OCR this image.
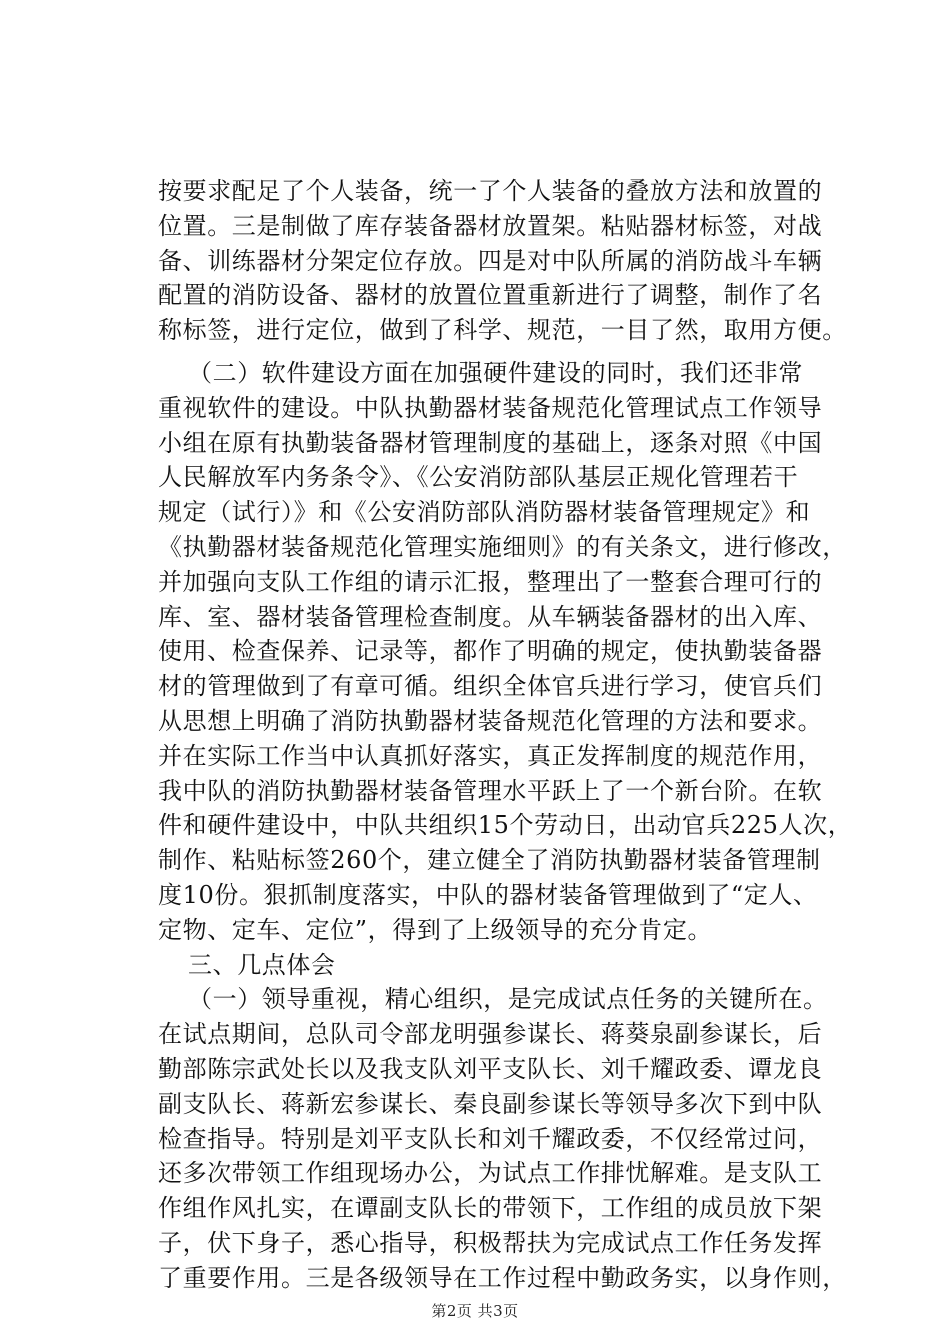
按要求配足了个人装备，统一了个人装备的叠放方法和放置的
位置。三是制做了库存装备器材放置架。粘贴器材标签，对战
备、训练器材分架定位存放。四是对中队所属的消防战斗车辆
配置的消防设备、器材的放置位置重新进行了调整，制作了名
称标签，进行定位，做到了科学、规范，一目了然，取用方便。
（二）软件建设方面在加强硬件建设的同时，我们还非常
重视软件的建设。中队执勤器材装备规范化管理试点工作领导
小组在原有执勤装备器材管理制度的基础上，逐条对照《中国
人民解放军内务条令》、《公安消防部队基层正规化管理若干
规定（试行）》和《公安消防部队消防器材装备管理规定》和
《执勤器材装备规范化管理实施细则》的有关条文，进行修改，
并加强向支队工作组的请示汇报，整理出了一整套合理可行的
库、室、器材装备管理检查制度。从车辆装备器材的出入库、
使用、检查保养、记录等，都作了明确的规定，使执勤装备器
材的管理做到了有章可循。组织全体官兵进行学习，使官兵们
从思想上明确了消防执勤器材装备规范化管理的方法和要求。
并在实际工作当中认真抓好落实，真正发挥制度的规范作用，
我中队的消防执勤器材装备管理水平跃上了一个新台阶。在软
件和硬件建设中，中队共组织15个劳动日，出动官兵225人次，
制作、粘贴标签260个，建立健全了消防执勤器材装备管理制
度10份。狠抓制度落实，中队的器材装备管理做到了“定人、
定物、定车、定位”，得到了上级领导的充分肯定。
三、几点体会
（一）领导重视，精心组织，是完成试点任务的关键所在。
在试点期间，总队司令部龙明强参谋长、蒋葵泉副参谋长，后
勤部陈宗武处长以及我支队刘平支队长、刘千耀政委、谭龙良
副支队长、蒋新宏参谋长、秦良副参谋长等领导多次下到中队
检查指导。特别是刘平支队长和刘千耀政委，不仅经常过问，
还多次带领工作组现场办公，为试点工作排忧解难。是支队工
作组作风扎实，在谭副支队长的带领下，工作组的成员放下架
子，伏下身子，悉心指导，积极帮扶为完成试点工作任务发挥
了重要作用。三是各级领导在工作过程中勤政务实，以身作则，
第2页 共3页
